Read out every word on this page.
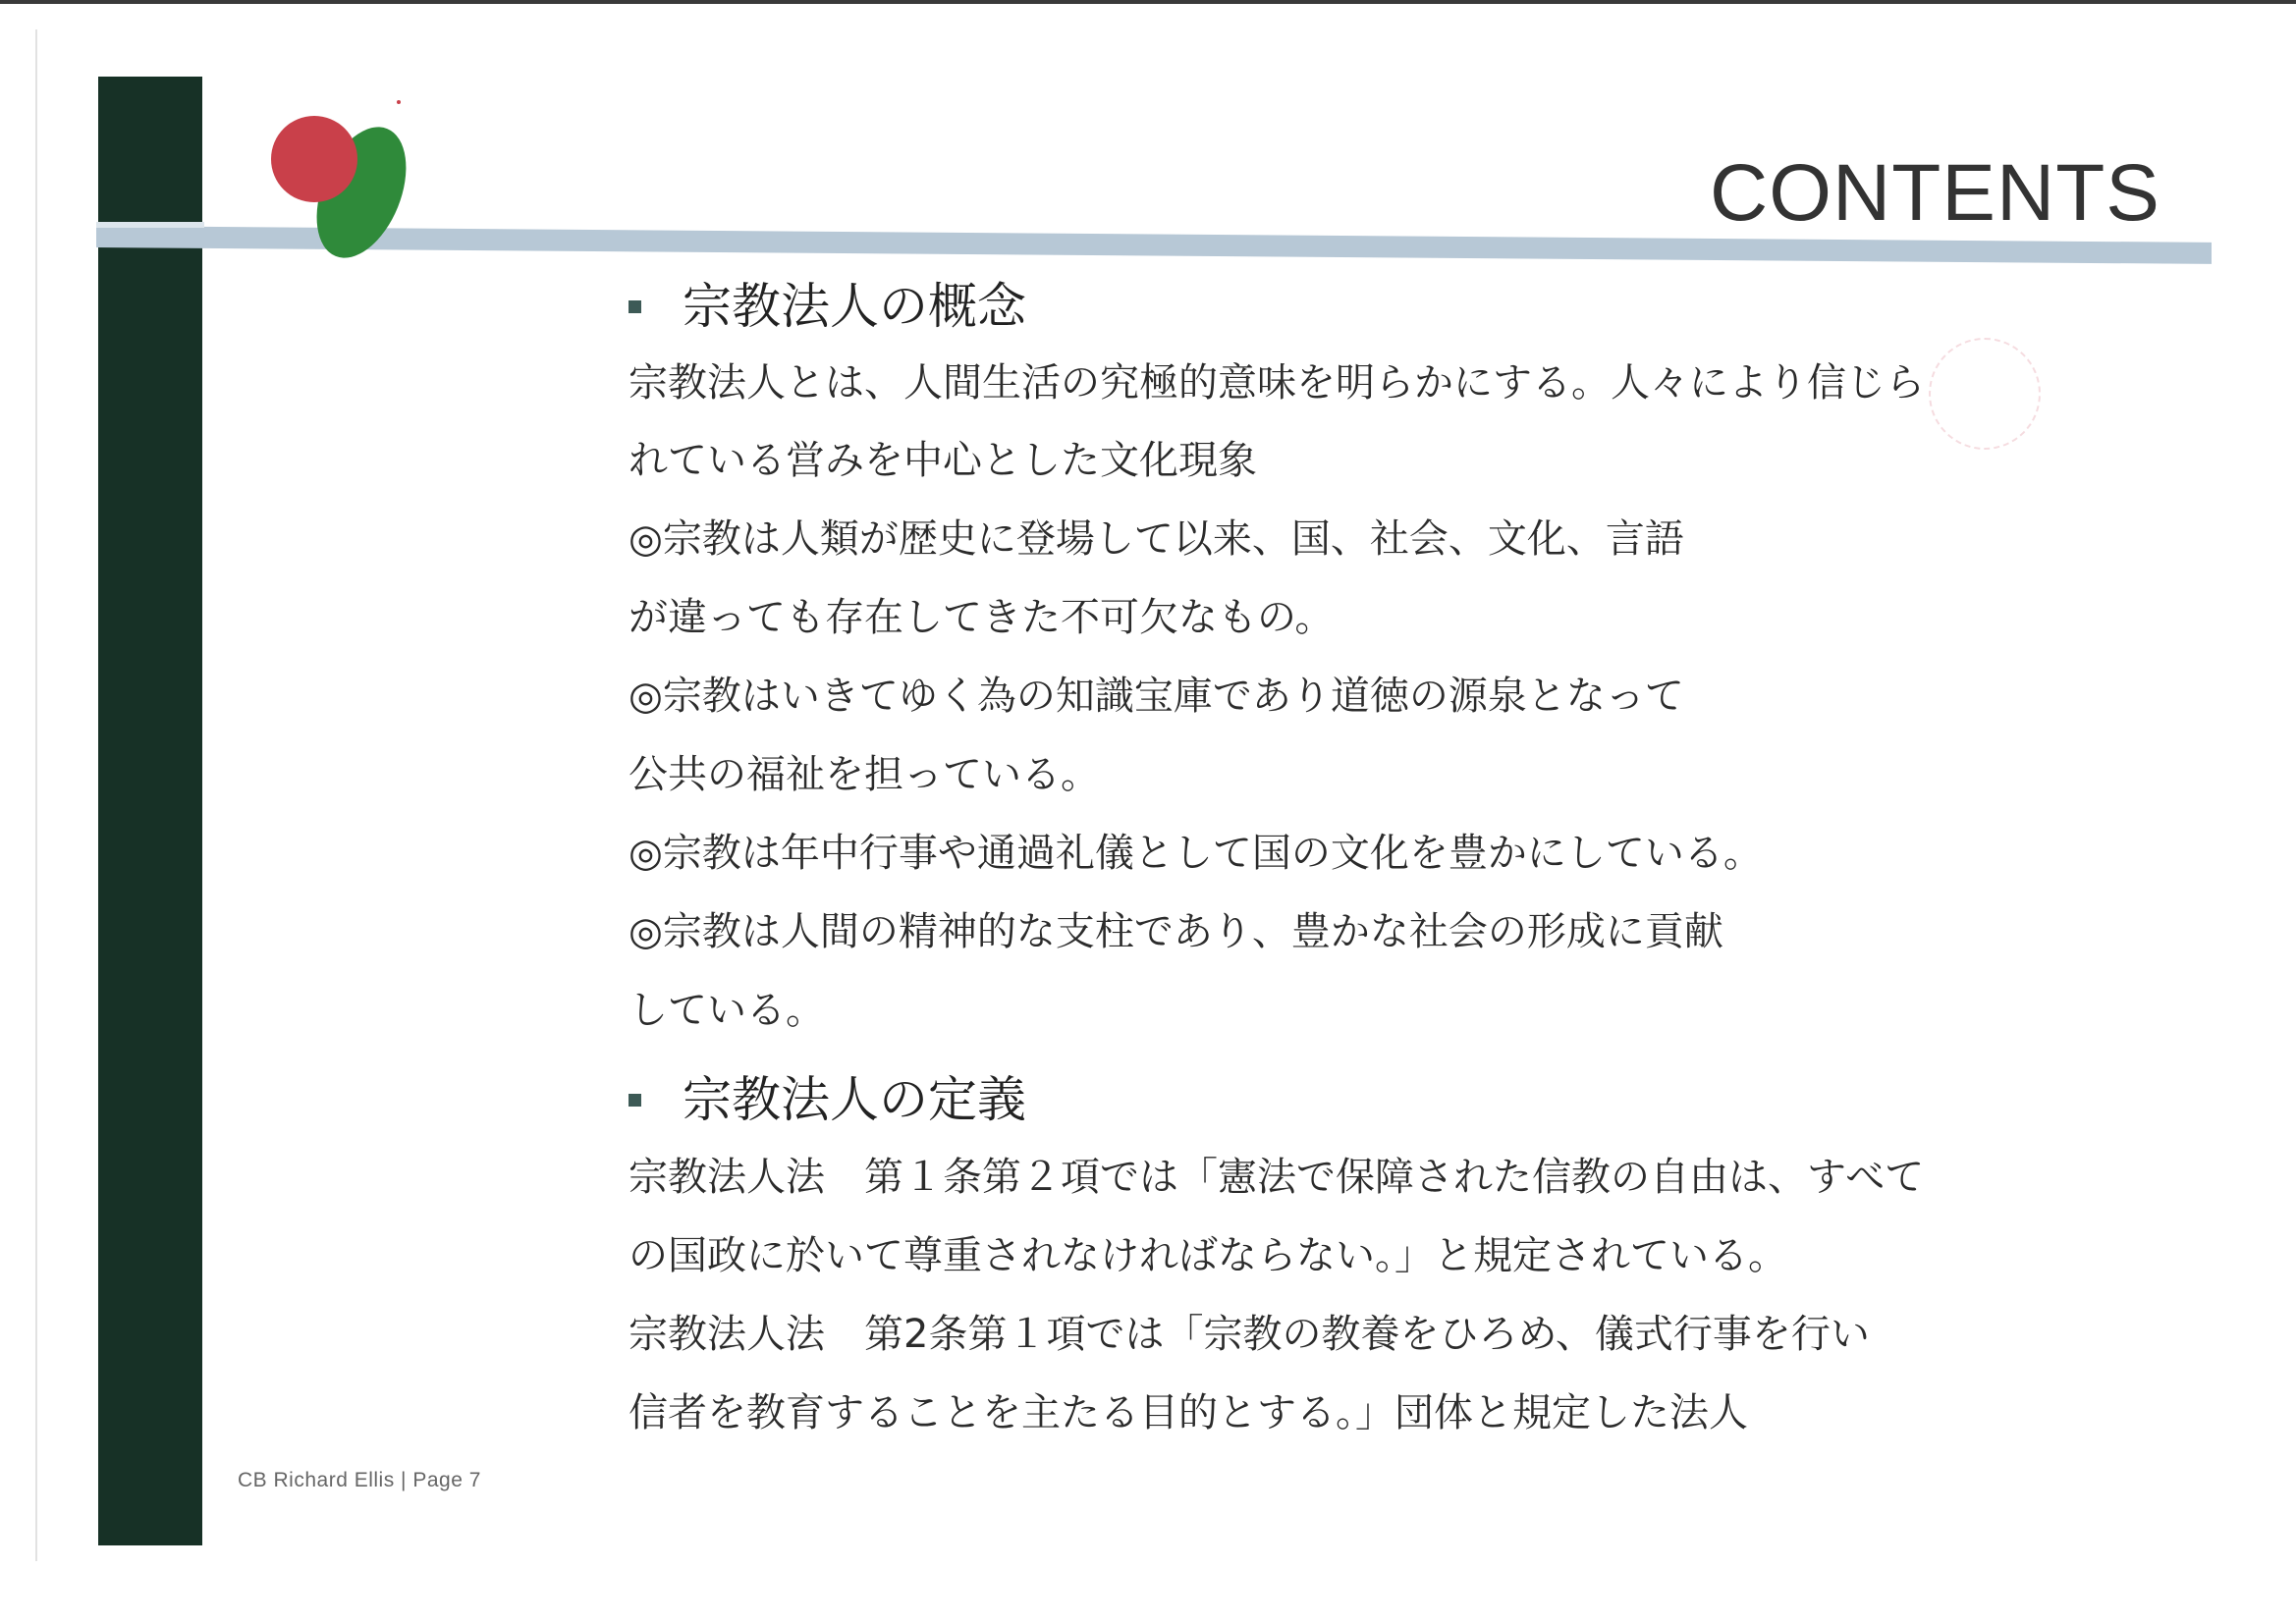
CONTENTS
宗教法人の概念

宗教法人とは、人間生活の究極的意味を明らかにする。人々により信じら

れている営みを中心とした文化現象

◎宗教は人類が歴史に登場して以来、国、社会、文化、言語

が違っても存在してきた不可欠なもの。

◎宗教はいきてゆく為の知識宝庫であり道徳の源泉となって

公共の福祉を担っている。

◎宗教は年中行事や通過礼儀として国の文化を豊かにしている。

◎宗教は人間の精神的な支柱であり、豊かな社会の形成に貢献

している。

宗教法人の定義

宗教法人法　第１条第２項では「憲法で保障された信教の自由は、すべて

の国政に於いて尊重されなければならない。」と規定されている。

宗教法人法　第2条第１項では「宗教の教養をひろめ、儀式行事を行い

信者を教育することを主たる目的とする。」団体と規定した法人

CB Richard Ellis | Page 7
